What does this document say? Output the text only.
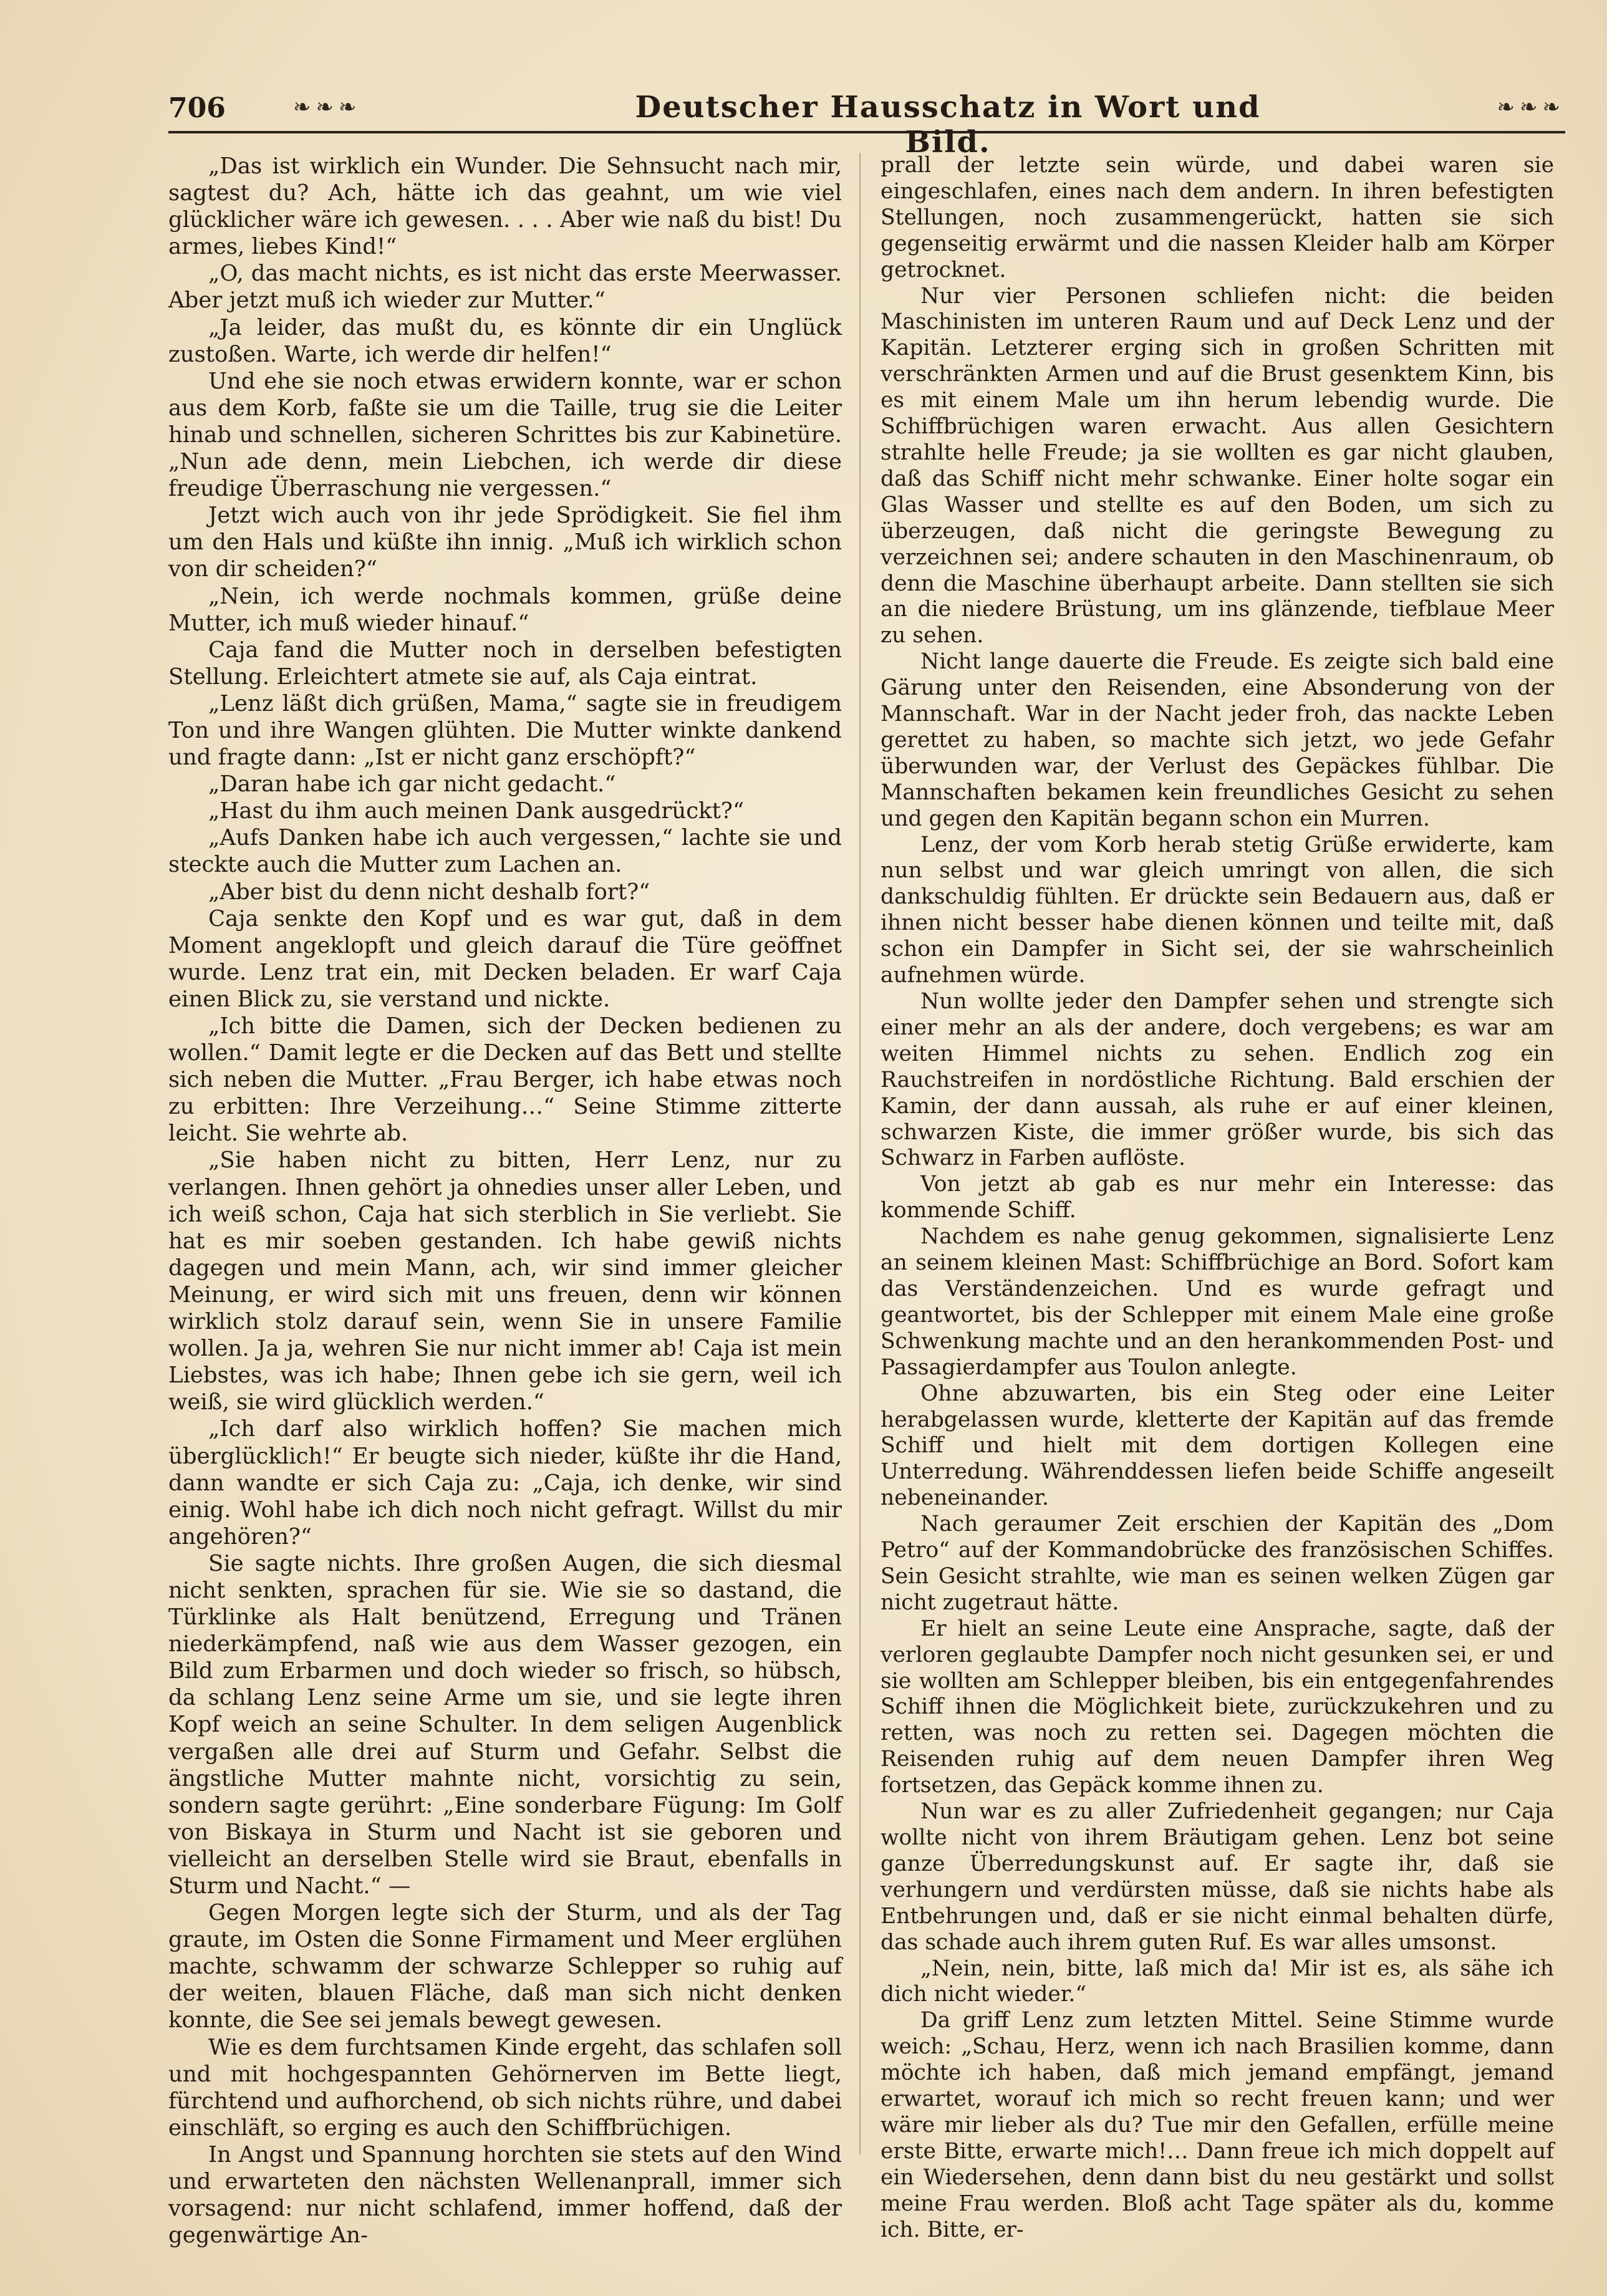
706	❧❧❧	Deutscher Hausschatz in Wort und Bild.
❧❧❧

„Das ist wirklich ein Wunder. Die Sehnsucht nach mir, sagtest du? Ach, hätte ich das geahnt, um wie viel glücklicher wäre ich gewesen. . . . Aber wie naß du bist! Du armes, liebes Kind!“

„O, das macht nichts, es ist nicht das erste Meerwasser. Aber jetzt muß ich wieder zur Mutter.“

„Ja leider, das mußt du, es könnte dir ein Unglück zustoßen. Warte, ich werde dir helfen!“

Und ehe sie noch etwas erwidern konnte, war er schon aus dem Korb, faßte sie um die Taille, trug sie die Leiter hinab und schnellen, sicheren Schrittes bis zur Kabinetüre. „Nun ade denn, mein Liebchen, ich werde dir diese freudige Überraschung nie vergessen.“

Jetzt wich auch von ihr jede Sprödigkeit. Sie fiel ihm um den Hals und küßte ihn innig. „Muß ich wirklich schon von dir scheiden?“

„Nein, ich werde nochmals kommen, grüße deine Mutter, ich muß wieder hinauf.“

Caja fand die Mutter noch in derselben befestigten Stellung. Erleichtert atmete sie auf, als Caja eintrat.

„Lenz läßt dich grüßen, Mama,“ sagte sie in freudigem Ton und ihre Wangen glühten. Die Mutter winkte dankend und fragte dann: „Ist er nicht ganz erschöpft?“

„Daran habe ich gar nicht gedacht.“

„Hast du ihm auch meinen Dank ausgedrückt?“

„Aufs Danken habe ich auch vergessen,“ lachte sie und steckte auch die Mutter zum Lachen an.

„Aber bist du denn nicht deshalb fort?“

Caja senkte den Kopf und es war gut, daß in dem Moment angeklopft und gleich darauf die Türe geöffnet wurde. Lenz trat ein, mit Decken beladen. Er warf Caja einen Blick zu, sie verstand und nickte.

„Ich bitte die Damen, sich der Decken bedienen zu wollen.“ Damit legte er die Decken auf das Bett und stellte sich neben die Mutter. „Frau Berger, ich habe etwas noch zu erbitten: Ihre Verzeihung…“ Seine Stimme zitterte leicht. Sie wehrte ab.

„Sie haben nicht zu bitten, Herr Lenz, nur zu verlangen. Ihnen gehört ja ohnedies unser aller Leben, und ich weiß schon, Caja hat sich sterblich in Sie verliebt. Sie hat es mir soeben gestanden. Ich habe gewiß nichts dagegen und mein Mann, ach, wir sind immer gleicher Meinung, er wird sich mit uns freuen, denn wir können wirklich stolz darauf sein, wenn Sie in unsere Familie wollen. Ja ja, wehren Sie nur nicht immer ab! Caja ist mein Liebstes, was ich habe; Ihnen gebe ich sie gern, weil ich weiß, sie wird glücklich werden.“

„Ich darf also wirklich hoffen? Sie machen mich überglücklich!“ Er beugte sich nieder, küßte ihr die Hand, dann wandte er sich Caja zu: „Caja, ich denke, wir sind einig. Wohl habe ich dich noch nicht gefragt. Willst du mir angehören?“

Sie sagte nichts. Ihre großen Augen, die sich diesmal nicht senkten, sprachen für sie. Wie sie so dastand, die Türklinke als Halt benützend, Erregung und Tränen niederkämpfend, naß wie aus dem Wasser gezogen, ein Bild zum Erbarmen und doch wieder so frisch, so hübsch, da schlang Lenz seine Arme um sie, und sie legte ihren Kopf weich an seine Schulter. In dem seligen Augenblick vergaßen alle drei auf Sturm und Gefahr. Selbst die ängstliche Mutter mahnte nicht, vorsichtig zu sein, sondern sagte gerührt: „Eine sonderbare Fügung: Im Golf von Biskaya in Sturm und Nacht ist sie geboren und vielleicht an derselben Stelle wird sie Braut, ebenfalls in Sturm und Nacht.“ —

Gegen Morgen legte sich der Sturm, und als der Tag graute, im Osten die Sonne Firmament und Meer erglühen machte, schwamm der schwarze Schlepper so ruhig auf der weiten, blauen Fläche, daß man sich nicht denken konnte, die See sei jemals bewegt gewesen.

Wie es dem furchtsamen Kinde ergeht, das schlafen soll und mit hochgespannten Gehörnerven im Bette liegt, fürchtend und aufhorchend, ob sich nichts rühre, und dabei einschläft, so erging es auch den Schiffbrüchigen.

In Angst und Spannung horchten sie stets auf den Wind und erwarteten den nächsten Wellenanprall, immer sich vorsagend: nur nicht schlafend, immer hoffend, daß der gegenwärtige An-

prall der letzte sein würde, und dabei waren sie eingeschlafen, eines nach dem andern. In ihren befestigten Stellungen, noch zusammengerückt, hatten sie sich gegenseitig erwärmt und die nassen Kleider halb am Körper getrocknet.

Nur vier Personen schliefen nicht: die beiden Maschinisten im unteren Raum und auf Deck Lenz und der Kapitän. Letzterer erging sich in großen Schritten mit verschränkten Armen und auf die Brust gesenktem Kinn, bis es mit einem Male um ihn herum lebendig wurde. Die Schiffbrüchigen waren erwacht. Aus allen Gesichtern strahlte helle Freude; ja sie wollten es gar nicht glauben, daß das Schiff nicht mehr schwanke. Einer holte sogar ein Glas Wasser und stellte es auf den Boden, um sich zu überzeugen, daß nicht die geringste Bewegung zu verzeichnen sei; andere schauten in den Maschinenraum, ob denn die Maschine überhaupt arbeite. Dann stellten sie sich an die niedere Brüstung, um ins glänzende, tiefblaue Meer zu sehen.

Nicht lange dauerte die Freude. Es zeigte sich bald eine Gärung unter den Reisenden, eine Absonderung von der Mannschaft. War in der Nacht jeder froh, das nackte Leben gerettet zu haben, so machte sich jetzt, wo jede Gefahr überwunden war, der Verlust des Gepäckes fühlbar. Die Mannschaften bekamen kein freundliches Gesicht zu sehen und gegen den Kapitän begann schon ein Murren.

Lenz, der vom Korb herab stetig Grüße erwiderte, kam nun selbst und war gleich umringt von allen, die sich dankschuldig fühlten. Er drückte sein Bedauern aus, daß er ihnen nicht besser habe dienen können und teilte mit, daß schon ein Dampfer in Sicht sei, der sie wahrscheinlich aufnehmen würde.

Nun wollte jeder den Dampfer sehen und strengte sich einer mehr an als der andere, doch vergebens; es war am weiten Himmel nichts zu sehen. Endlich zog ein Rauchstreifen in nordöstliche Richtung. Bald erschien der Kamin, der dann aussah, als ruhe er auf einer kleinen, schwarzen Kiste, die immer größer wurde, bis sich das Schwarz in Farben auflöste.

Von jetzt ab gab es nur mehr ein Interesse: das kommende Schiff.

Nachdem es nahe genug gekommen, signalisierte Lenz an seinem kleinen Mast: Schiffbrüchige an Bord. Sofort kam das Verständenzeichen. Und es wurde gefragt und geantwortet, bis der Schlepper mit einem Male eine große Schwenkung machte und an den herankommenden Post- und Passagierdampfer aus Toulon anlegte.

Ohne abzuwarten, bis ein Steg oder eine Leiter herabgelassen wurde, kletterte der Kapitän auf das fremde Schiff und hielt mit dem dortigen Kollegen eine Unterredung. Währenddessen liefen beide Schiffe angeseilt nebeneinander.

Nach geraumer Zeit erschien der Kapitän des „Dom Petro“ auf der Kommandobrücke des französischen Schiffes. Sein Gesicht strahlte, wie man es seinen welken Zügen gar nicht zugetraut hätte.

Er hielt an seine Leute eine Ansprache, sagte, daß der verloren geglaubte Dampfer noch nicht gesunken sei, er und sie wollten am Schlepper bleiben, bis ein entgegenfahrendes Schiff ihnen die Möglichkeit biete, zurückzukehren und zu retten, was noch zu retten sei. Dagegen möchten die Reisenden ruhig auf dem neuen Dampfer ihren Weg fortsetzen, das Gepäck komme ihnen zu.

Nun war es zu aller Zufriedenheit gegangen; nur Caja wollte nicht von ihrem Bräutigam gehen. Lenz bot seine ganze Überredungskunst auf. Er sagte ihr, daß sie verhungern und verdürsten müsse, daß sie nichts habe als Entbehrungen und, daß er sie nicht einmal behalten dürfe, das schade auch ihrem guten Ruf. Es war alles umsonst.

„Nein, nein, bitte, laß mich da! Mir ist es, als sähe ich dich nicht wieder.“

Da griff Lenz zum letzten Mittel. Seine Stimme wurde weich: „Schau, Herz, wenn ich nach Brasilien komme, dann möchte ich haben, daß mich jemand empfängt, jemand erwartet, worauf ich mich so recht freuen kann; und wer wäre mir lieber als du? Tue mir den Gefallen, erfülle meine erste Bitte, erwarte mich!… Dann freue ich mich doppelt auf ein Wiedersehen, denn dann bist du neu gestärkt und sollst meine Frau werden. Bloß acht Tage später als du, komme ich. Bitte, er-
